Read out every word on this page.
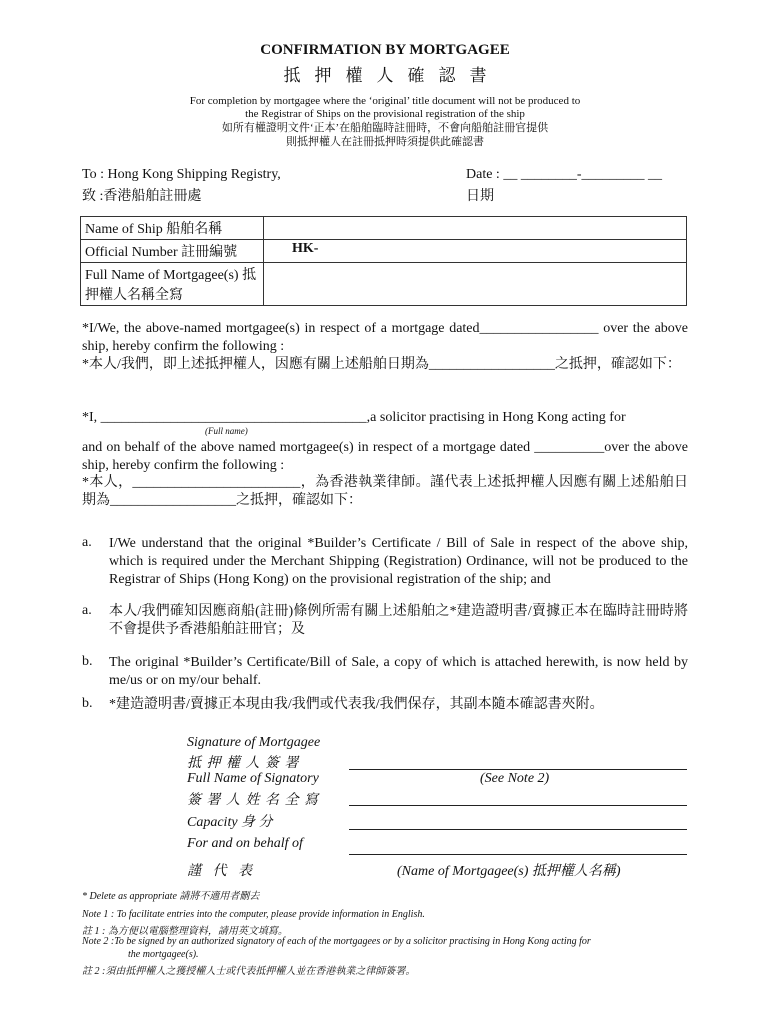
CONFIRMATION BY MORTGAGEE
抵押權人確認書
For completion by mortgagee where the ‘original’ title document will not be produced to
the Registrar of Ships on the provisional registration of the ship
如所有權證明文件‘正本’在船舶臨時註冊時，不會向船舶註冊官提供
則抵押權人在註冊抵押時須提供此確認書
To : Hong Kong Shipping Registry,
致 :香港船舶註冊處
Date : __ ________-_________ __
日期
Name of Ship 船舶名稱	
Official Number 註冊編號	HK-
Full Name of Mortgagee(s) 抵押權人名稱全寫	
*I/We, the above-named mortgagee(s) in respect of a mortgage dated_________________ over the above ship, hereby confirm the following :
*本人/我們，即上述抵押權人，因應有關上述船舶日期為__________________之抵押，確認如下：
*I, ______________________________________,a solicitor practising in Hong Kong acting for
(Full name)
and on behalf of the above named mortgagee(s) in respect of a mortgage dated __________over the above ship, hereby confirm the following :
*本人，________________________，為香港執業律師。謹代表上述抵押權人因應有關上述船舶日期為__________________之抵押，確認如下：
a. I/We understand that the original *Builder’s Certificate / Bill of Sale in respect of the above ship, which is required under the Merchant Shipping (Registration) Ordinance, will not be produced to the Registrar of Ships (Hong Kong) on the provisional registration of the ship; and
a. 本人/我們確知因應商船(註冊)條例所需有關上述船舶之*建造證明書/賣據正本在臨時註冊時將不會提供予香港船舶註冊官；及
b. The original *Builder’s Certificate/Bill of Sale, a copy of which is attached herewith, is now held by me/us or on my/our behalf.
b. *建造證明書/賣據正本現由我/我們或代表我/我們保存，其副本隨本確認書夾附。
Signature of Mortgagee
抵 押 權 人 簽 署
Full Name of Signatory	(See Note 2)
簽 署 人 姓 名 全 寫
Capacity 身 分
For and on behalf of
謹 代 表	(Name of Mortgagee(s) 抵押權人名稱)
* Delete as appropriate 請將不適用者刪去
Note 1 : To facilitate entries into the computer, please provide information in English.
註 1 : 為方便以電腦整理資料，請用英文填寫。
Note 2 :To be signed by an authorized signatory of each of the mortgagees or by a solicitor practising in Hong Kong acting for
the mortgagee(s).
註 2 :須由抵押權人之獲授權人士或代表抵押權人並在香港執業之律師簽署。
